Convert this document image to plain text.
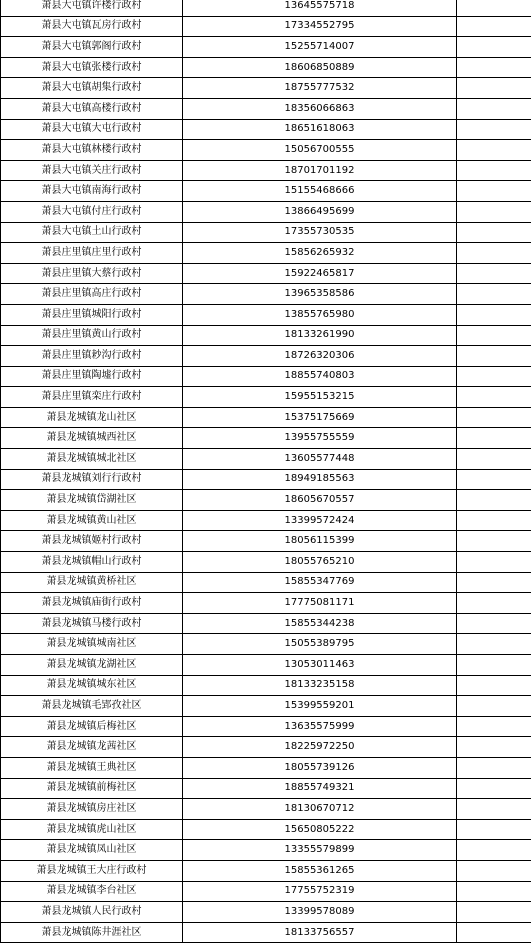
萧县大屯镇许楼行政村	13645575718	
萧县大屯镇瓦房行政村	17334552795	
萧县大屯镇郭阁行政村	15255714007	
萧县大屯镇张楼行政村	18606850889	
萧县大屯镇胡集行政村	18755777532	
萧县大屯镇高楼行政村	18356066863	
萧县大屯镇大屯行政村	18651618063	
萧县大屯镇林楼行政村	15056700555	
萧县大屯镇关庄行政村	18701701192	
萧县大屯镇南海行政村	15155468666	
萧县大屯镇付庄行政村	13866495699	
萧县大屯镇土山行政村	17355730535	
萧县庄里镇庄里行政村	15856265932	
萧县庄里镇大蔡行政村	15922465817	
萧县庄里镇高庄行政村	13965358586	
萧县庄里镇城阳行政村	13855765980	
萧县庄里镇黄山行政村	18133261990	
萧县庄里镇耖沟行政村	18726320306	
萧县庄里镇陶墟行政村	18855740803	
萧县庄里镇栾庄行政村	15955153215	
萧县龙城镇龙山社区	15375175669	
萧县龙城镇城西社区	13955755559	
萧县龙城镇城北社区	13605577448	
萧县龙城镇刘行行政村	18949185563	
萧县龙城镇岱湖社区	18605670557	
萧县龙城镇黄山社区	13399572424	
萧县龙城镇姬村行政村	18056115399	
萧县龙城镇帽山行政村	18055765210	
萧县龙城镇黄桥社区	15855347769	
萧县龙城镇庙街行政村	17775081171	
萧县龙城镇马楼行政村	15855344238	
萧县龙城镇城南社区	15055389795	
萧县龙城镇龙湖社区	13053011463	
萧县龙城镇城东社区	18133235158	
萧县龙城镇毛郢孜社区	15399559201	
萧县龙城镇后梅社区	13635575999	
萧县龙城镇龙茜社区	18225972250	
萧县龙城镇王典社区	18055739126	
萧县龙城镇前梅社区	18855749321	
萧县龙城镇房庄社区	18130670712	
萧县龙城镇虎山社区	15650805222	
萧县龙城镇凤山社区	13355579899	
萧县龙城镇王大庄行政村	15855361265	
萧县龙城镇李台社区	17755752319	
萧县龙城镇人民行政村	13399578089	
萧县龙城镇陈井涯社区	18133756557	
